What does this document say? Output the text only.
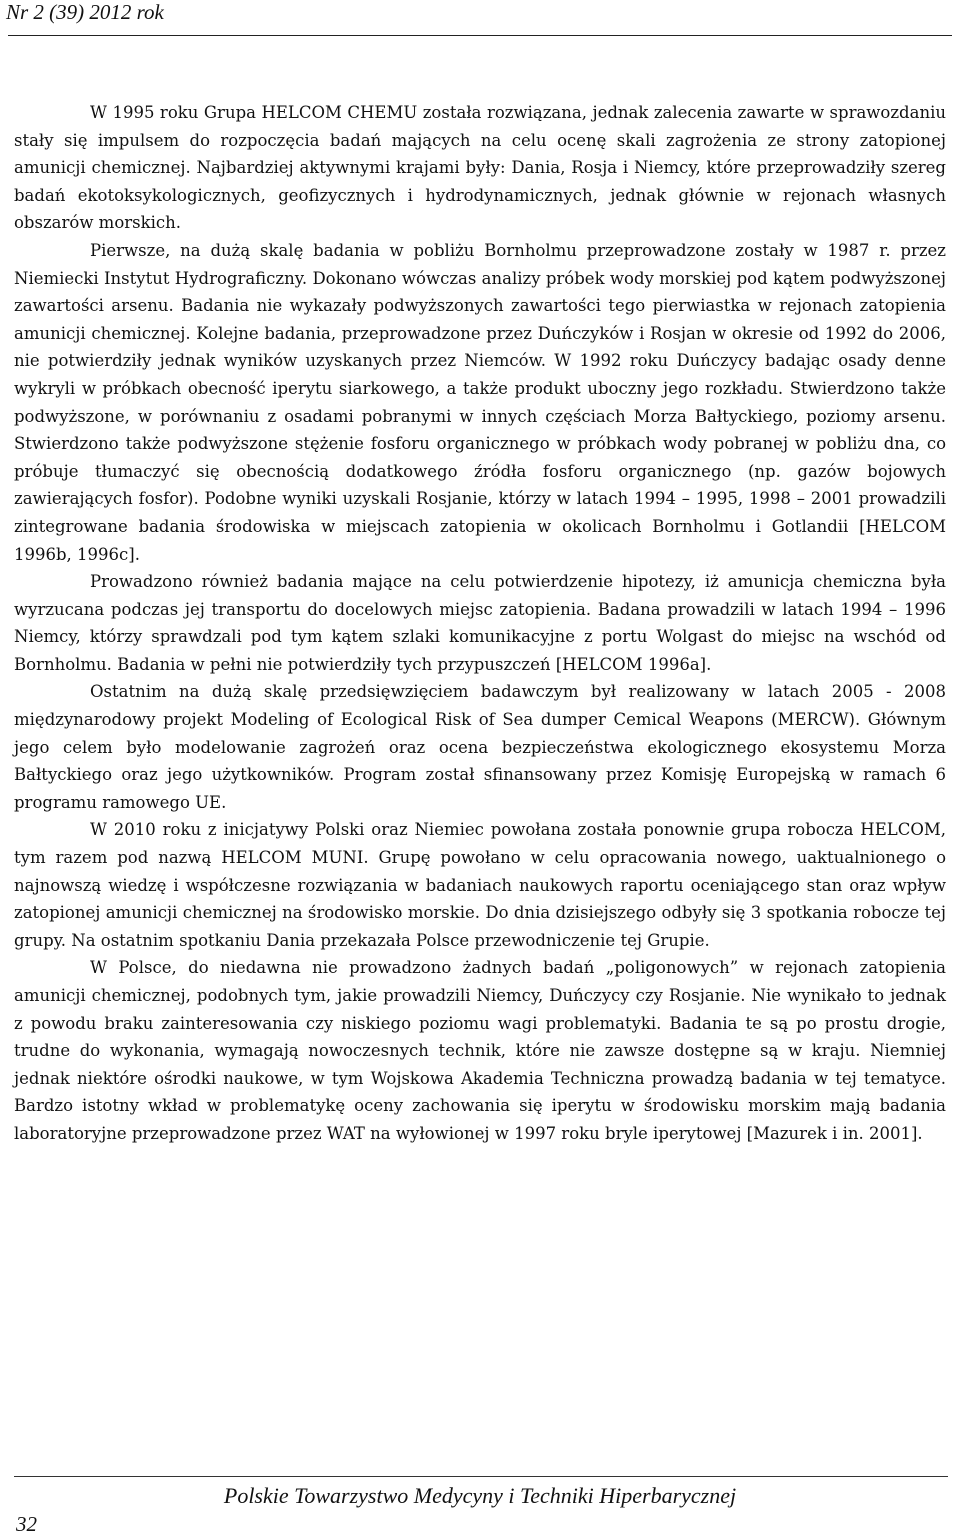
Nr 2 (39) 2012 rok

W 1995 roku Grupa HELCOM CHEMU została rozwiązana, jednak zalecenia zawarte w sprawozdaniu stały się impulsem do rozpoczęcia badań mających na celu ocenę skali zagrożenia ze strony zatopionej amunicji chemicznej. Najbardziej aktywnymi krajami były: Dania, Rosja i Niemcy, które przeprowadziły szereg badań ekotoksykologicznych, geofizycznych i hydrodynamicznych, jednak głównie w rejonach własnych obszarów morskich.

Pierwsze, na dużą skalę badania w pobliżu Bornholmu przeprowadzone zostały w 1987 r. przez Niemiecki Instytut Hydrograficzny. Dokonano wówczas analizy próbek wody morskiej pod kątem podwyższonej zawartości arsenu. Badania nie wykazały podwyższonych zawartości tego pierwiastka w rejonach zatopienia amunicji chemicznej. Kolejne badania, przeprowadzone przez Duńczyków i Rosjan w okresie od 1992 do 2006, nie potwierdziły jednak wyników uzyskanych przez Niemców. W 1992 roku Duńczycy badając osady denne wykryli w próbkach obecność iperytu siarkowego, a także produkt uboczny jego rozkładu. Stwierdzono także podwyższone, w porównaniu z osadami pobranymi w innych częściach Morza Bałtyckiego, poziomy arsenu. Stwierdzono także podwyższone stężenie fosforu organicznego w próbkach wody pobranej w pobliżu dna, co próbuje tłumaczyć się obecnością dodatkowego źródła fosforu organicznego (np. gazów bojowych zawierających fosfor). Podobne wyniki uzyskali Rosjanie, którzy w latach 1994 – 1995, 1998 – 2001 prowadzili zintegrowane badania środowiska w miejscach zatopienia w okolicach Bornholmu i Gotlandii [HELCOM 1996b, 1996c].

Prowadzono również badania mające na celu potwierdzenie hipotezy, iż amunicja chemiczna była wyrzucana podczas jej transportu do docelowych miejsc zatopienia. Badana prowadzili w latach 1994 – 1996 Niemcy, którzy sprawdzali pod tym kątem szlaki komunikacyjne z portu Wolgast do miejsc na wschód od Bornholmu. Badania w pełni nie potwierdziły tych przypuszczeń [HELCOM 1996a].

Ostatnim na dużą skalę przedsięwzięciem badawczym był realizowany w latach 2005 - 2008 międzynarodowy projekt Modeling of Ecological Risk of Sea dumper Cemical Weapons (MERCW). Głównym jego celem było modelowanie zagrożeń oraz ocena bezpieczeństwa ekologicznego ekosystemu Morza Bałtyckiego oraz jego użytkowników. Program został sfinansowany przez Komisję Europejską w ramach 6 programu ramowego UE.

W 2010 roku z inicjatywy Polski oraz Niemiec powołana została ponownie grupa robocza HELCOM, tym razem pod nazwą HELCOM MUNI. Grupę powołano w celu opracowania nowego, uaktualnionego o najnowszą wiedzę i współczesne rozwiązania w badaniach naukowych raportu oceniającego stan oraz wpływ zatopionej amunicji chemicznej na środowisko morskie. Do dnia dzisiejszego odbyły się 3 spotkania robocze tej grupy. Na ostatnim spotkaniu Dania przekazała Polsce przewodniczenie tej Grupie.

W Polsce, do niedawna nie prowadzono żadnych badań „poligonowych” w rejonach zatopienia amunicji chemicznej, podobnych tym, jakie prowadzili Niemcy, Duńczycy czy Rosjanie. Nie wynikało to jednak z powodu braku zainteresowania czy niskiego poziomu wagi problematyki. Badania te są po prostu drogie, trudne do wykonania, wymagają nowoczesnych technik, które nie zawsze dostępne są w kraju. Niemniej jednak niektóre ośrodki naukowe, w tym Wojskowa Akademia Techniczna prowadzą badania w tej tematyce. Bardzo istotny wkład w problematykę oceny zachowania się iperytu w środowisku morskim mają badania laboratoryjne przeprowadzone przez WAT na wyłowionej w 1997 roku bryle iperytowej [Mazurek i in. 2001].

Polskie Towarzystwo Medycyny i Techniki Hiperbarycznej
32
